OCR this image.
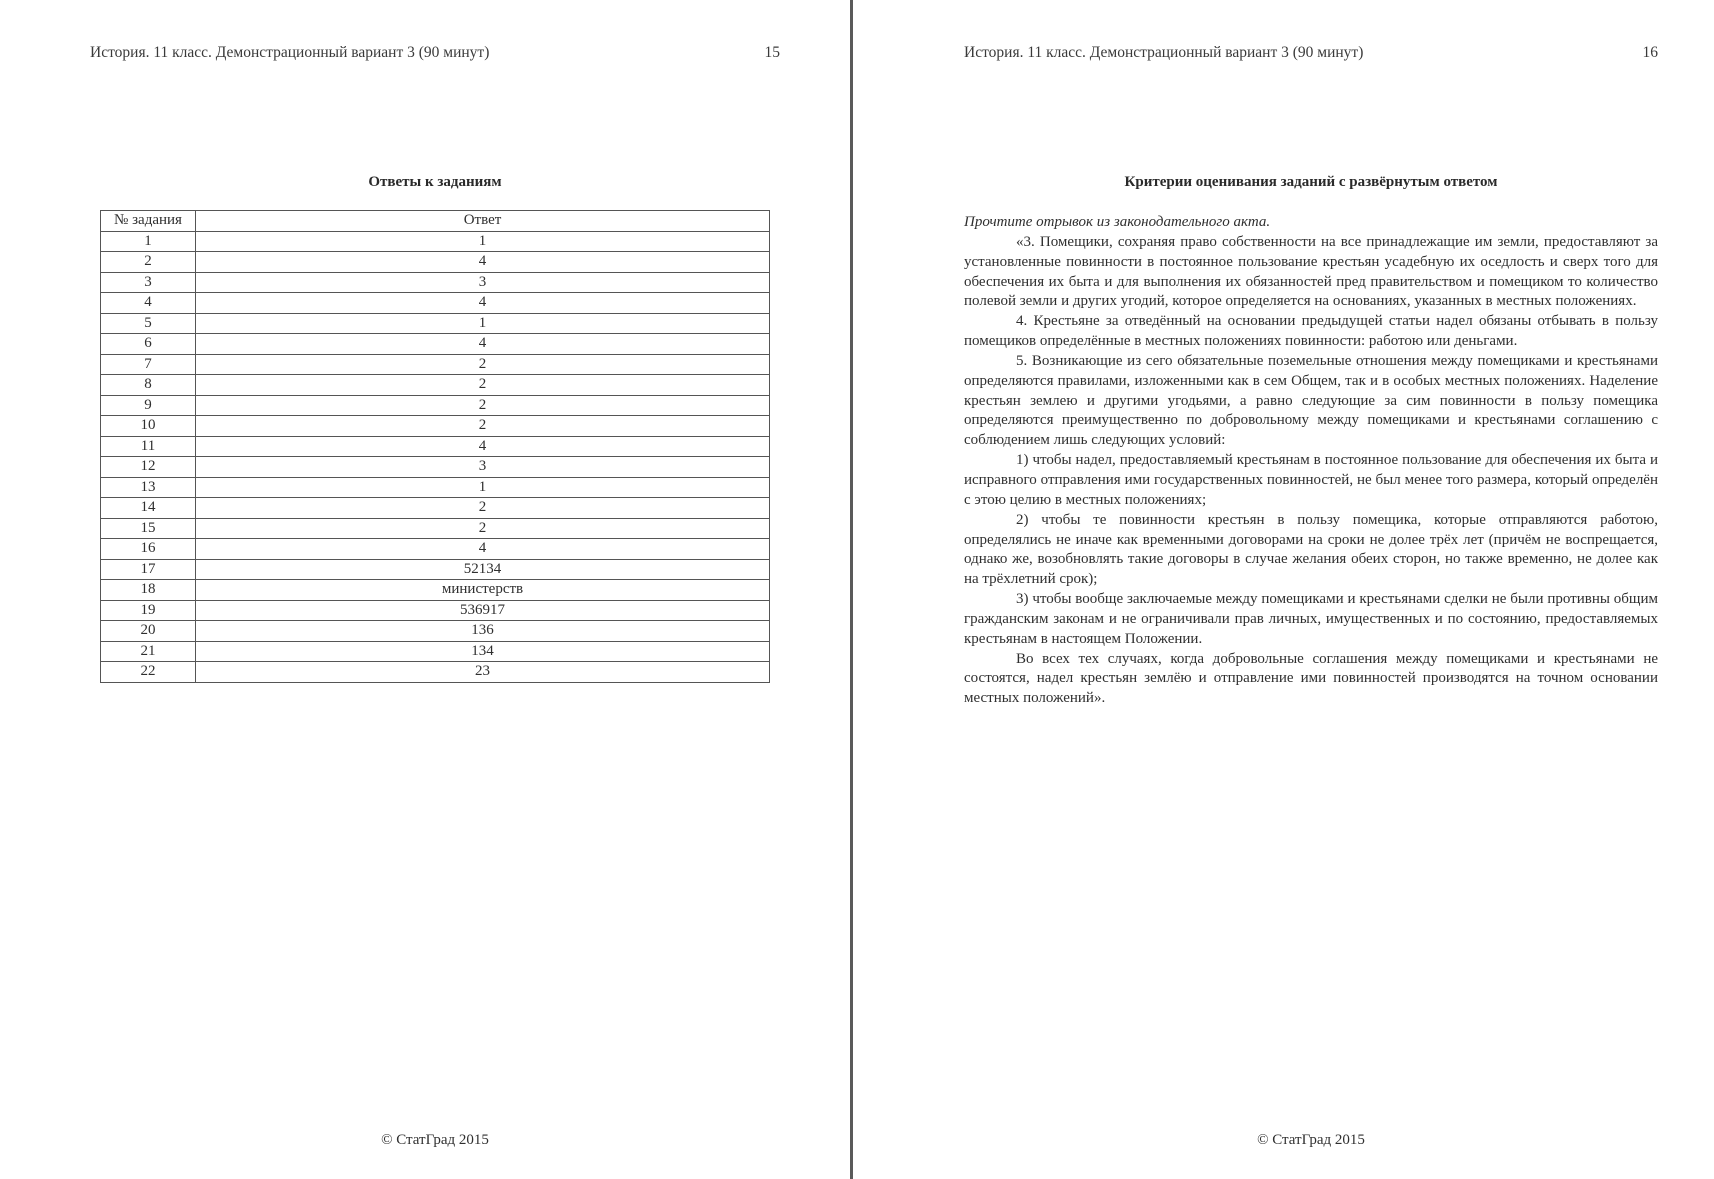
История. 11 класс. Демонстрационный вариант 3 (90 минут)	15
Ответы к заданиям
№ задания	Ответ
1	1
2	4
3	3
4	4
5	1
6	4
7	2
8	2
9	2
10	2
11	4
12	3
13	1
14	2
15	2
16	4
17	52134
18	министерств
19	536917
20	136
21	134
22	23
© СтатГрад 2015
История. 11 класс. Демонстрационный вариант 3 (90 минут)	16
Критерии оценивания заданий с развёрнутым ответом

Прочтите отрывок из законодательного акта.

«3. Помещики, сохраняя право собственности на все принадлежащие им земли, предоставляют за установленные повинности в постоянное пользование крестьян усадебную их оседлость и сверх того для обеспечения их быта и для выполнения их обязанностей пред правительством и помещиком то количество полевой земли и других угодий, которое определяется на основаниях, указанных в местных положениях.

4. Крестьяне за отведённый на основании предыдущей статьи надел обязаны отбывать в пользу помещиков определённые в местных положениях повинности: работою или деньгами.

5. Возникающие из сего обязательные поземельные отношения между помещиками и крестьянами определяются правилами, изложенными как в сем Общем, так и в особых местных положениях. Наделение крестьян землею и другими угодьями, а равно следующие за сим повинности в пользу помещика определяются преимущественно по добровольному между помещиками и крестьянами соглашению с соблюдением лишь следующих условий:

1) чтобы надел, предоставляемый крестьянам в постоянное пользование для обеспечения их быта и исправного отправления ими государственных повинностей, не был менее того размера, который определён с этою целию в местных положениях;

2) чтобы те повинности крестьян в пользу помещика, которые отправляются работою, определялись не иначе как временными договорами на сроки не долее трёх лет (причём не воспрещается, однако же, возобновлять такие договоры в случае желания обеих сторон, но также временно, не долее как на трёхлетний срок);

3) чтобы вообще заключаемые между помещиками и крестьянами сделки не были противны общим гражданским законам и не ограничивали прав личных, имущественных и по состоянию, предоставляемых крестьянам в настоящем Положении.

Во всех тех случаях, когда добровольные соглашения между помещиками и крестьянами не состоятся, надел крестьян землёю и отправление ими повинностей производятся на точном основании местных положений».

© СтатГрад 2015
